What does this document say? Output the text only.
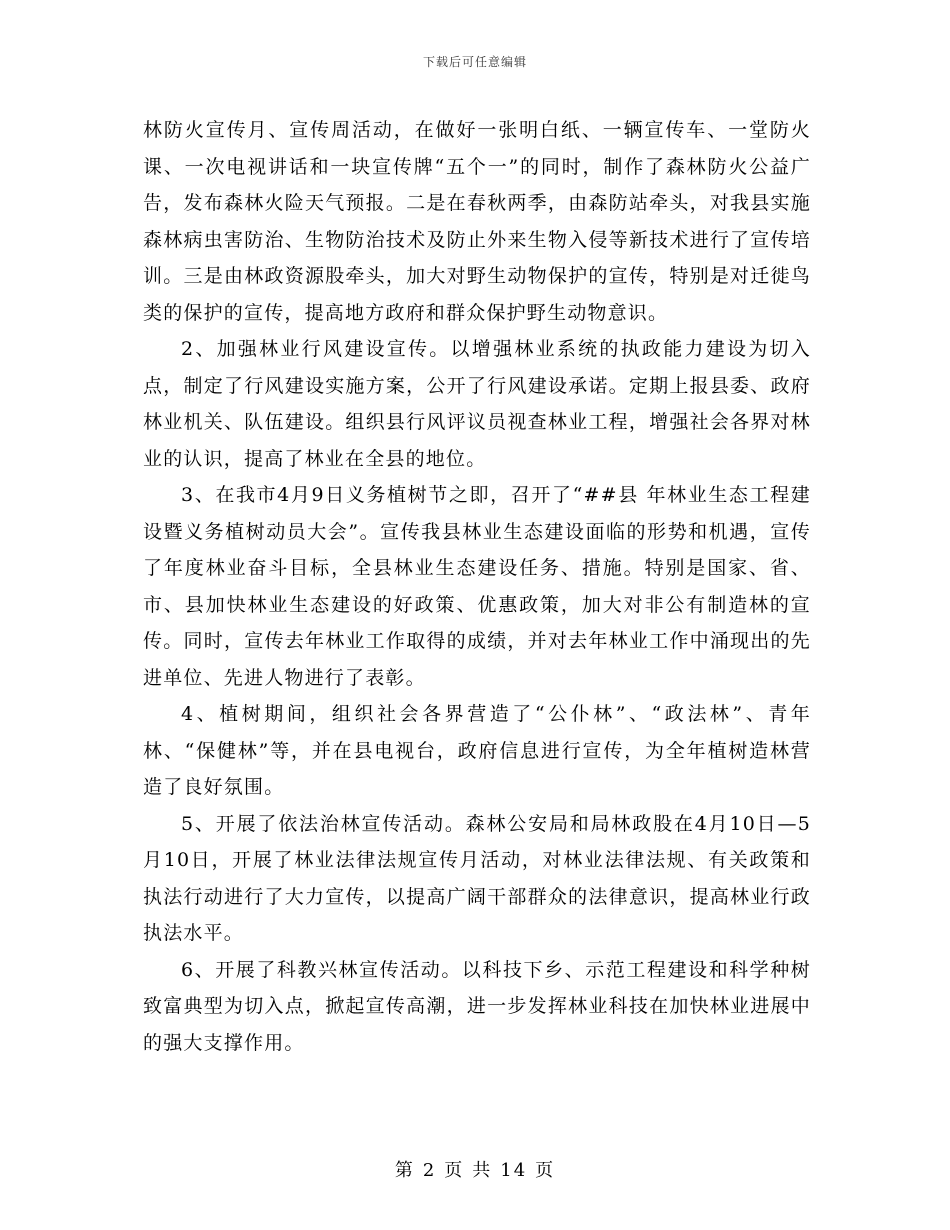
下载后可任意编辑

林防火宣传月、宣传周活动，在做好一张明白纸、一辆宣传车、一堂防火课、一次电视讲话和一块宣传牌“五个一”的同时，制作了森林防火公益广告，发布森林火险天气预报。二是在春秋两季，由森防站牵头，对我县实施森林病虫害防治、生物防治技术及防止外来生物入侵等新技术进行了宣传培训。三是由林政资源股牵头，加大对野生动物保护的宣传，特别是对迁徙鸟类的保护的宣传，提高地方政府和群众保护野生动物意识。

2、加强林业行风建设宣传。以增强林业系统的执政能力建设为切入点，制定了行风建设实施方案，公开了行风建设承诺。定期上报县委、政府林业机关、队伍建设。组织县行风评议员视查林业工程，增强社会各界对林业的认识，提高了林业在全县的地位。

3、在我市4月9日义务植树节之即，召开了“##县 年林业生态工程建设暨义务植树动员大会”。宣传我县林业生态建设面临的形势和机遇，宣传了年度林业奋斗目标，全县林业生态建设任务、措施。特别是国家、省、市、县加快林业生态建设的好政策、优惠政策，加大对非公有制造林的宣传。同时，宣传去年林业工作取得的成绩，并对去年林业工作中涌现出的先进单位、先进人物进行了表彰。

4、植树期间，组织社会各界营造了“公仆林”、“政法林”、青年林、“保健林”等，并在县电视台，政府信息进行宣传，为全年植树造林营造了良好氛围。

5、开展了依法治林宣传活动。森林公安局和局林政股在4月10日—5月10日，开展了林业法律法规宣传月活动，对林业法律法规、有关政策和执法行动进行了大力宣传，以提高广阔干部群众的法律意识，提高林业行政执法水平。

6、开展了科教兴林宣传活动。以科技下乡、示范工程建设和科学种树致富典型为切入点，掀起宣传高潮，进一步发挥林业科技在加快林业进展中的强大支撑作用。

第 2 页 共 14 页
